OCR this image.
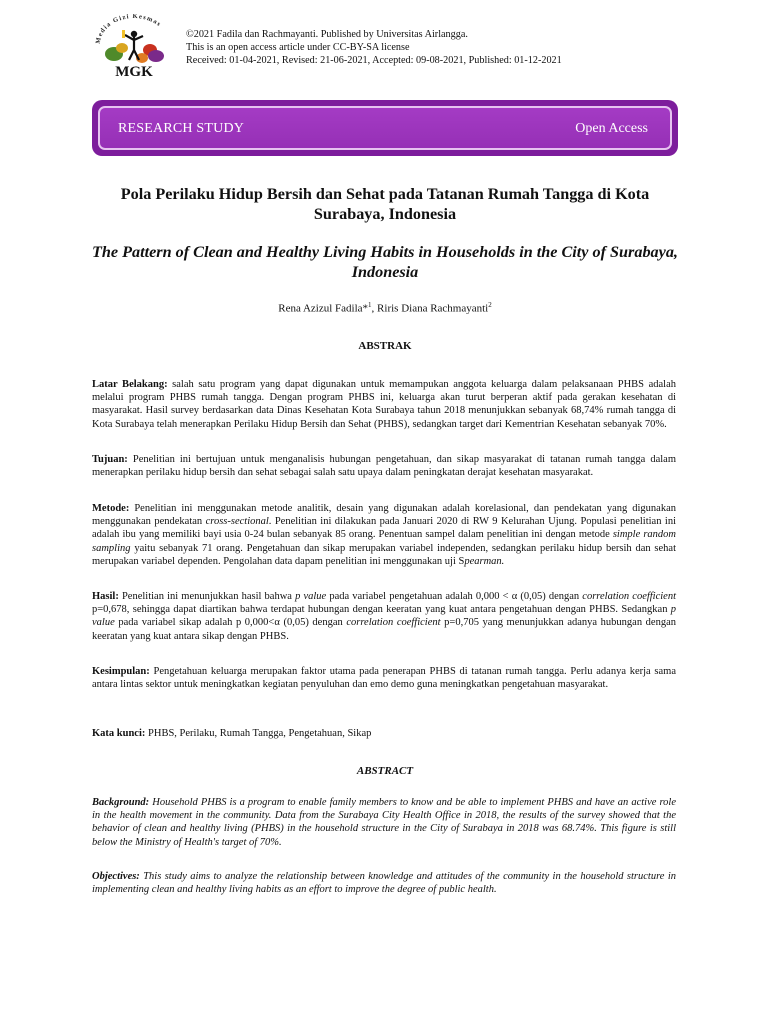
Media Gizi Kesmas
MGK
©2021 Fadila dan Rachmayanti. Published by Universitas Airlangga.
This is an open access article under CC-BY-SA license
Received: 01-04-2021, Revised: 21-06-2021, Accepted: 09-08-2021, Published: 01-12-2021
RESEARCH STUDY	Open Access
Pola Perilaku Hidup Bersih dan Sehat pada Tatanan Rumah Tangga di Kota Surabaya, Indonesia
The Pattern of Clean and Healthy Living Habits in Households in the City of Surabaya, Indonesia
Rena Azizul Fadila*$^1$, Riris Diana Rachmayanti$^2$
ABSTRAK

Latar Belakang: salah satu program yang dapat digunakan untuk memampukan anggota keluarga dalam pelaksanaan PHBS adalah melalui program PHBS rumah tangga. Dengan program PHBS ini, keluarga akan turut berperan aktif pada gerakan kesehatan di masyarakat. Hasil survey berdasarkan data Dinas Kesehatan Kota Surabaya tahun 2018 menunjukkan sebanyak 68,74% rumah tangga di Kota Surabaya telah menerapkan Perilaku Hidup Bersih dan Sehat (PHBS), sedangkan target dari Kementrian Kesehatan sebanyak 70%.

Tujuan: Penelitian ini bertujuan untuk menganalisis hubungan pengetahuan, dan sikap masyarakat di tatanan rumah tangga dalam menerapkan perilaku hidup bersih dan sehat sebagai salah satu upaya dalam peningkatan derajat kesehatan masyarakat.

Metode: Penelitian ini menggunakan metode analitik, desain yang digunakan adalah korelasional, dan pendekatan yang digunakan menggunakan pendekatan cross-sectional. Penelitian ini dilakukan pada Januari 2020 di RW 9 Kelurahan Ujung. Populasi penelitian ini adalah ibu yang memiliki bayi usia 0-24 bulan sebanyak 85 orang. Penentuan sampel dalam penelitian ini dengan metode simple random sampling yaitu sebanyak 71 orang. Pengetahuan dan sikap merupakan variabel independen, sedangkan perilaku hidup bersih dan sehat merupakan variabel dependen. Pengolahan data dapam penelitian ini menggunakan uji Spearman.

Hasil: Penelitian ini menunjukkan hasil bahwa p value pada variabel pengetahuan adalah 0,000 < α (0,05) dengan correlation coefficient p=0,678, sehingga dapat diartikan bahwa terdapat hubungan dengan keeratan yang kuat antara pengetahuan dengan PHBS. Sedangkan p value pada variabel sikap adalah p 0,000<α (0,05) dengan correlation coefficient p=0,705 yang menunjukkan adanya hubungan dengan keeratan yang kuat antara sikap dengan PHBS.

Kesimpulan: Pengetahuan keluarga merupakan faktor utama pada penerapan PHBS di tatanan rumah tangga. Perlu adanya kerja sama antara lintas sektor untuk meningkatkan kegiatan penyuluhan dan emo demo guna meningkatkan pengetahuan masyarakat.

Kata kunci: PHBS, Perilaku, Rumah Tangga, Pengetahuan, Sikap

ABSTRACT

Background: Household PHBS is a program to enable family members to know and be able to implement PHBS and have an active role in the health movement in the community. Data from the Surabaya City Health Office in 2018, the results of the survey showed that the behavior of clean and healthy living (PHBS) in the household structure in the City of Surabaya in 2018 was 68.74%. This figure is still below the Ministry of Health's target of 70%.

Objectives: This study aims to analyze the relationship between knowledge and attitudes of the community in the household structure in implementing clean and healthy living habits as an effort to improve the degree of public health.
